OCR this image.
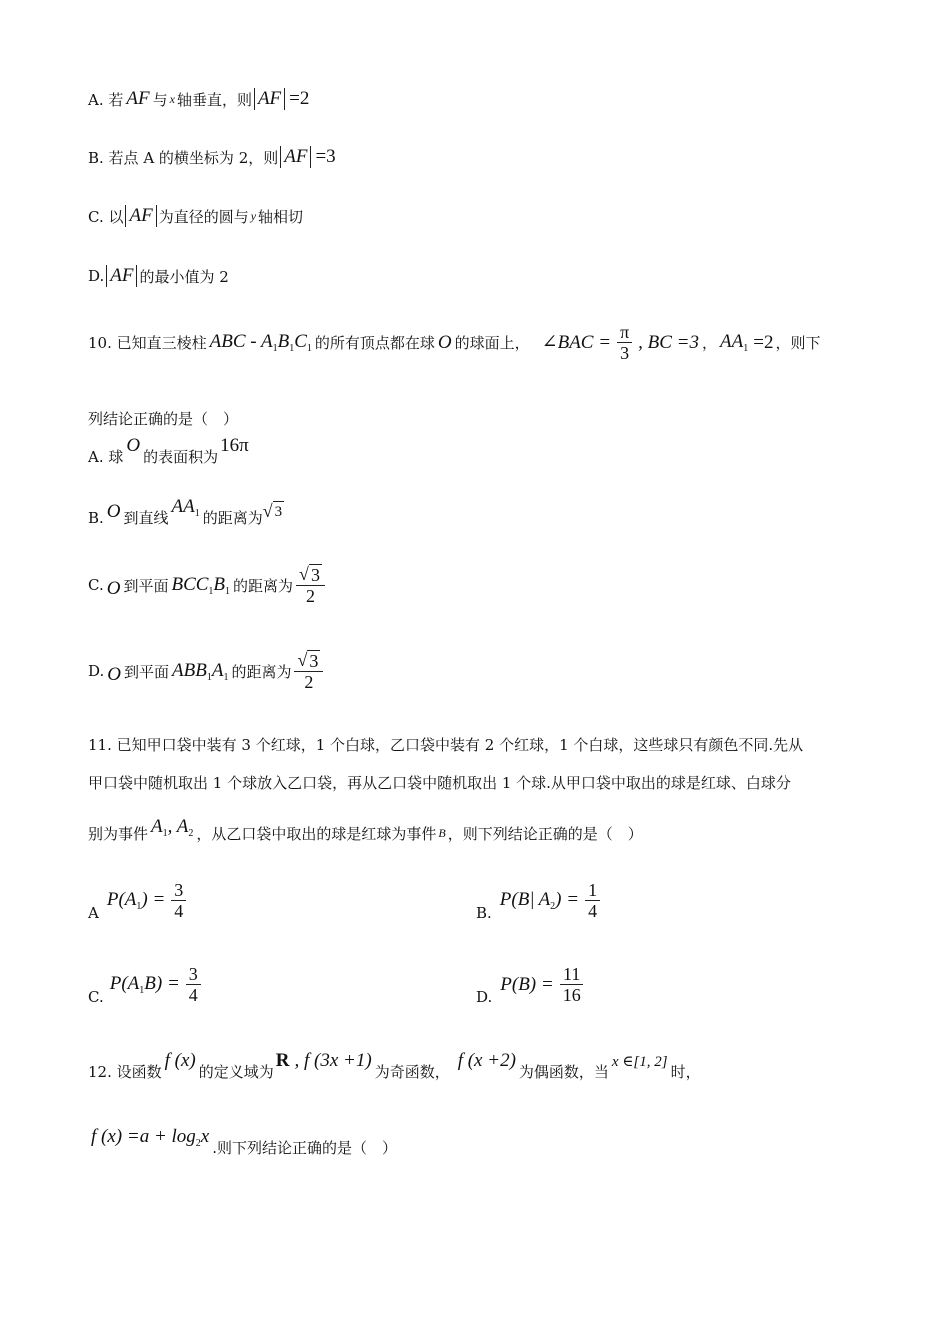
A. 若 AF 与 x 轴垂直，则 AF =2
B. 若点 A 的横坐标为 2，则 AF =3
C. 以 AF 为直径的圆与 y 轴相切
D. AF 的最小值为 2
10. 已知直三棱柱 ABC - $A_1B_1C_1$ 的所有顶点都在球 O 的球面上， ∠BAC = $\frac{\pi}{3}$ , BC =3 ， $AA_1 =2$ ，则下
列结论正确的是（　）
A. 球
O
的表面积为
16π
B. O 到直线
$AA_1$ 的距离为 √ 3
C. O 到平面 $BCC_1B_1$ 的距离为 $\frac{√ 3}{2}$
D. O 到平面 $ABB_1A_1$ 的距离为 $\frac{√ 3}{2}$
11. 已知甲口袋中装有 3 个红球，1 个白球，乙口袋中装有 2 个红球，1 个白球，这些球只有颜色不同.先从
甲口袋中随机取出 1 个球放入乙口袋，再从乙口袋中随机取出 1 个球.从甲口袋中取出的球是红球、白球分
别为事件 $A_1$, $A_2$ ，从乙口袋中取出的球是红球为事件 B ，则下列结论正确的是（　）
A
$P(A_1) = \frac{3}{4}$	B.
P(B| $A_2) = \frac{1}{4}$
C.
$P(A_1B) = \frac{3}{4}$	D.
$P(B) = \frac{11}{16}$
12. 设函数
f (x)
的定义域为
R , f (3x +1)
为奇函数，
f (x +2)
为偶函数，当
x ∈[1, 2]
时，
f $(x) =a + \log_2x$
.则下列结论正确的是（　）
